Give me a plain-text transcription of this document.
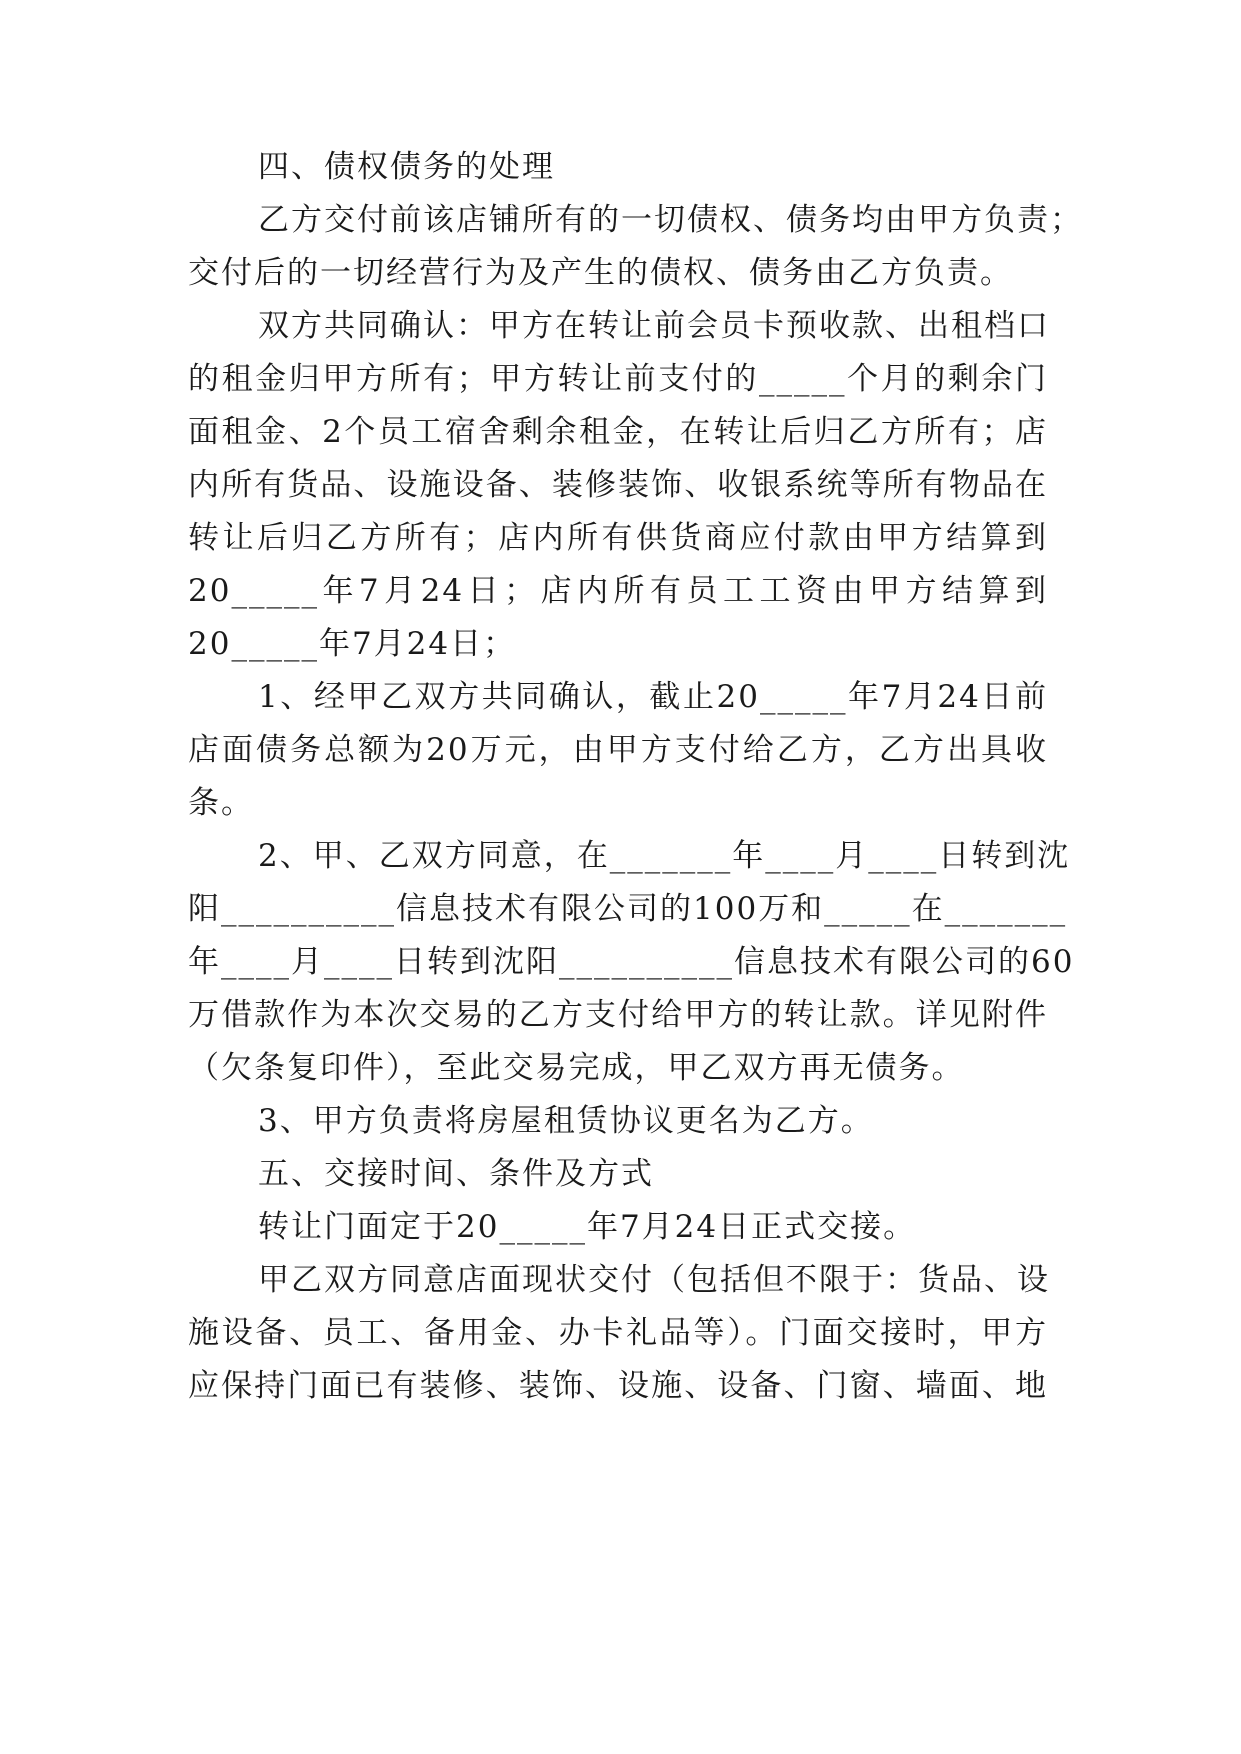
四、债权债务的处理
乙方交付前该店铺所有的一切债权、债务均由甲方负责；
交付后的一切经营行为及产生的债权、债务由乙方负责。
双方共同确认：甲方在转让前会员卡预收款、出租档口
的租金归甲方所有；甲方转让前支付的_____个月的剩余门
面租金、2个员工宿舍剩余租金，在转让后归乙方所有；店
内所有货品、设施设备、装修装饰、收银系统等所有物品在
转让后归乙方所有；店内所有供货商应付款由甲方结算到
20_____年7月24日；店内所有员工工资由甲方结算到
20_____年7月24日；
1、经甲乙双方共同确认，截止20_____年7月24日前
店面债务总额为20万元，由甲方支付给乙方，乙方出具收
条。
2、甲、乙双方同意，在_______年____月____日转到沈
阳__________信息技术有限公司的100万和_____在_______
年____月____日转到沈阳__________信息技术有限公司的60
万借款作为本次交易的乙方支付给甲方的转让款。详见附件
（欠条复印件），至此交易完成，甲乙双方再无债务。
3、甲方负责将房屋租赁协议更名为乙方。
五、交接时间、条件及方式
转让门面定于20_____年7月24日正式交接。
甲乙双方同意店面现状交付（包括但不限于：货品、设
施设备、员工、备用金、办卡礼品等）。门面交接时，甲方
应保持门面已有装修、装饰、设施、设备、门窗、墙面、地
